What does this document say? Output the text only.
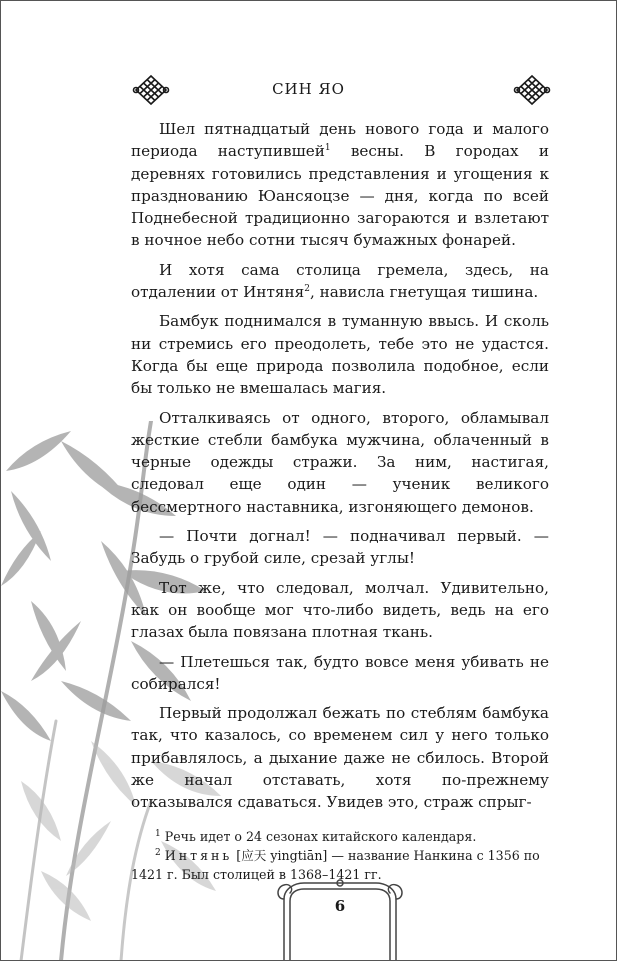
СИН ЯО

Шел пятнадцатый день нового года и малого периода наступившей$^1$ весны. В городах и деревнях готовились представления и угощения к празднованию Юансяоцзе — дня, когда по всей Поднебесной традиционно загораются и взлетают в ночное небо сотни тысяч бумажных фонарей.

И хотя сама столица гремела, здесь, на отдалении от Интяня$^2$, нависла гнетущая тишина.

Бамбук поднимался в туманную ввысь. И сколь ни стремись его преодолеть, тебе это не удастся. Когда бы еще природа позволила подобное, если бы только не вмешалась магия.

Отталкиваясь от одного, второго, обламывал жесткие стебли бамбука мужчина, облаченный в черные одежды стражи. За ним, настигая, следовал еще один — ученик великого бессмертного наставника, изгоняющего демонов.

— Почти догнал! — подначивал первый. — Забудь о грубой силе, срезай углы!

Тот же, что следовал, молчал. Удивительно, как он вообще мог что-либо видеть, ведь на его глазах была повязана плотная ткань.

— Плетешься так, будто вовсе меня убивать не собирался!

Первый продолжал бежать по стеблям бамбука так, что казалось, со временем сил у него только прибавлялось, а дыхание даже не сбилось. Второй же начал отставать, хотя по-прежнему отказывался сдаваться. Увидев это, страж спрыг-

$^1$ Речь идет о 24 сезонах китайского календаря.

$^2$ Интянь [应天 yingtiān] — название Нанкина с 1356 по 1421 г. Был столицей в 1368–1421 гг.

6
